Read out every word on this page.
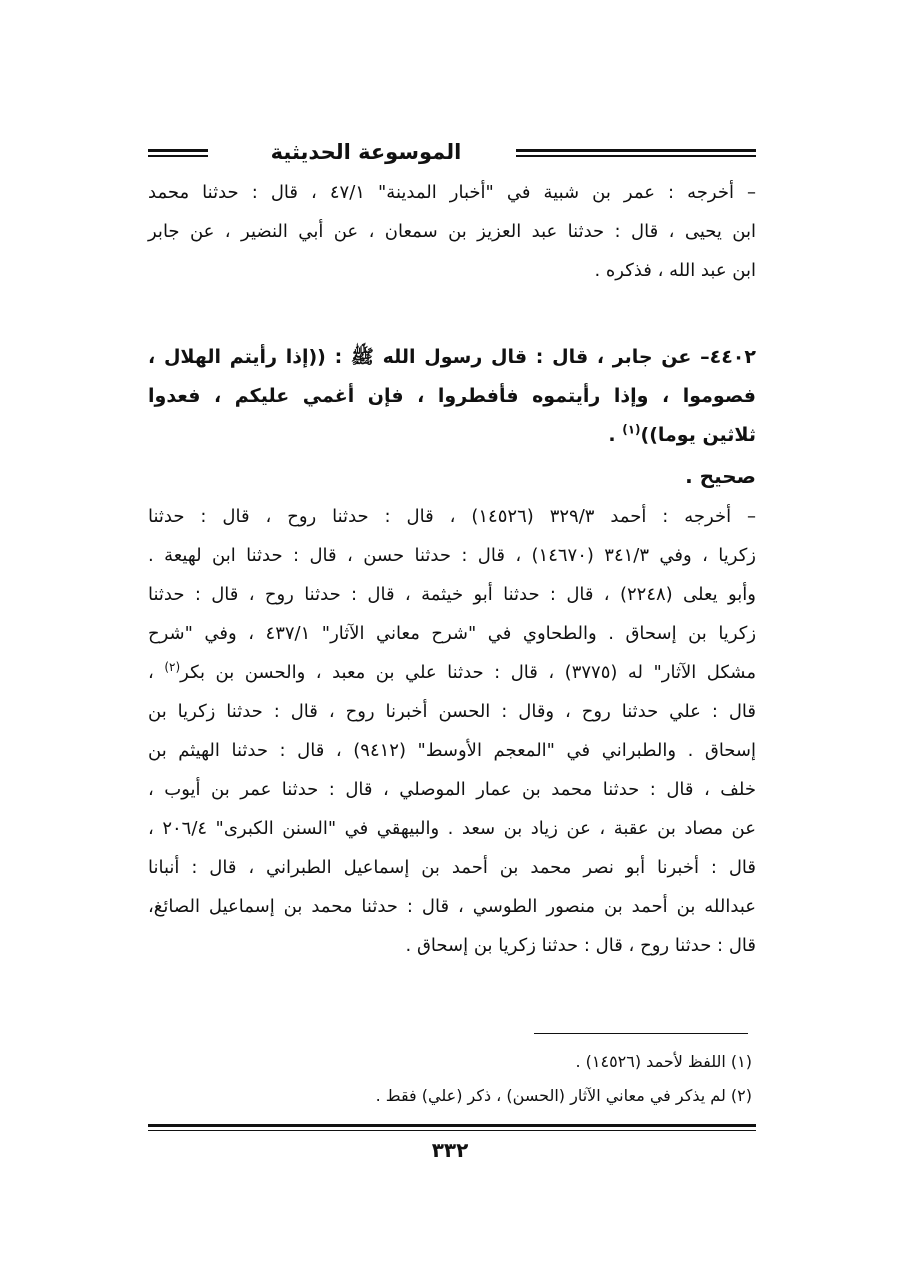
الموسوعة الحديثية
– أخرجه : عمر بن شبية في "أخبار المدينة" ٤٧/١ ، قال : حدثنا محمد
ابن يحيى ، قال : حدثنا عبد العزيز بن سمعان ، عن أبي النضير ، عن جابر
ابن عبد الله ، فذكره .
٤٤٠٢– عن جابر ، قال : قال رسول الله ﷺ : ((إذا رأيتم الهلال ،
فصوموا ، وإذا رأيتموه فأفطروا ، فإن أغمي عليكم ، فعدوا
ثلاثين يوما))$^{(١)}$ .
صحيح .
– أخرجه : أحمد ٣٢٩/٣ (١٤٥٢٦) ، قال : حدثنا روح ، قال : حدثنا
زكريا ، وفي ٣٤١/٣ (١٤٦٧٠) ، قال : حدثنا حسن ، قال : حدثنا ابن لهيعة .
وأبو يعلى (٢٢٤٨) ، قال : حدثنا أبو خيثمة ، قال : حدثنا روح ، قال : حدثنا
زكريا بن إسحاق . والطحاوي في "شرح معاني الآثار" ٤٣٧/١ ، وفي "شرح
مشكل الآثار" له (٣٧٧٥) ، قال : حدثنا علي بن معبد ، والحسن بن بكر$^{(٢)}$ ،
قال : علي حدثنا روح ، وقال : الحسن أخبرنا روح ، قال : حدثنا زكريا بن
إسحاق . والطبراني في "المعجم الأوسط" (٩٤١٢) ، قال : حدثنا الهيثم بن
خلف ، قال : حدثنا محمد بن عمار الموصلي ، قال : حدثنا عمر بن أيوب ،
عن مصاد بن عقبة ، عن زياد بن سعد . والبيهقي في "السنن الكبرى" ٢٠٦/٤ ،
قال : أخبرنا أبو نصر محمد بن أحمد بن إسماعيل الطبراني ، قال : أنبانا
عبدالله بن أحمد بن منصور الطوسي ، قال : حدثنا محمد بن إسماعيل الصائغ،
قال : حدثنا روح ، قال : حدثنا زكريا بن إسحاق .
(١) اللفظ لأحمد (١٤٥٢٦) .
(٢) لم يذكر في معاني الآثار (الحسن) ، ذكر (علي) فقط .
٣٣٢
